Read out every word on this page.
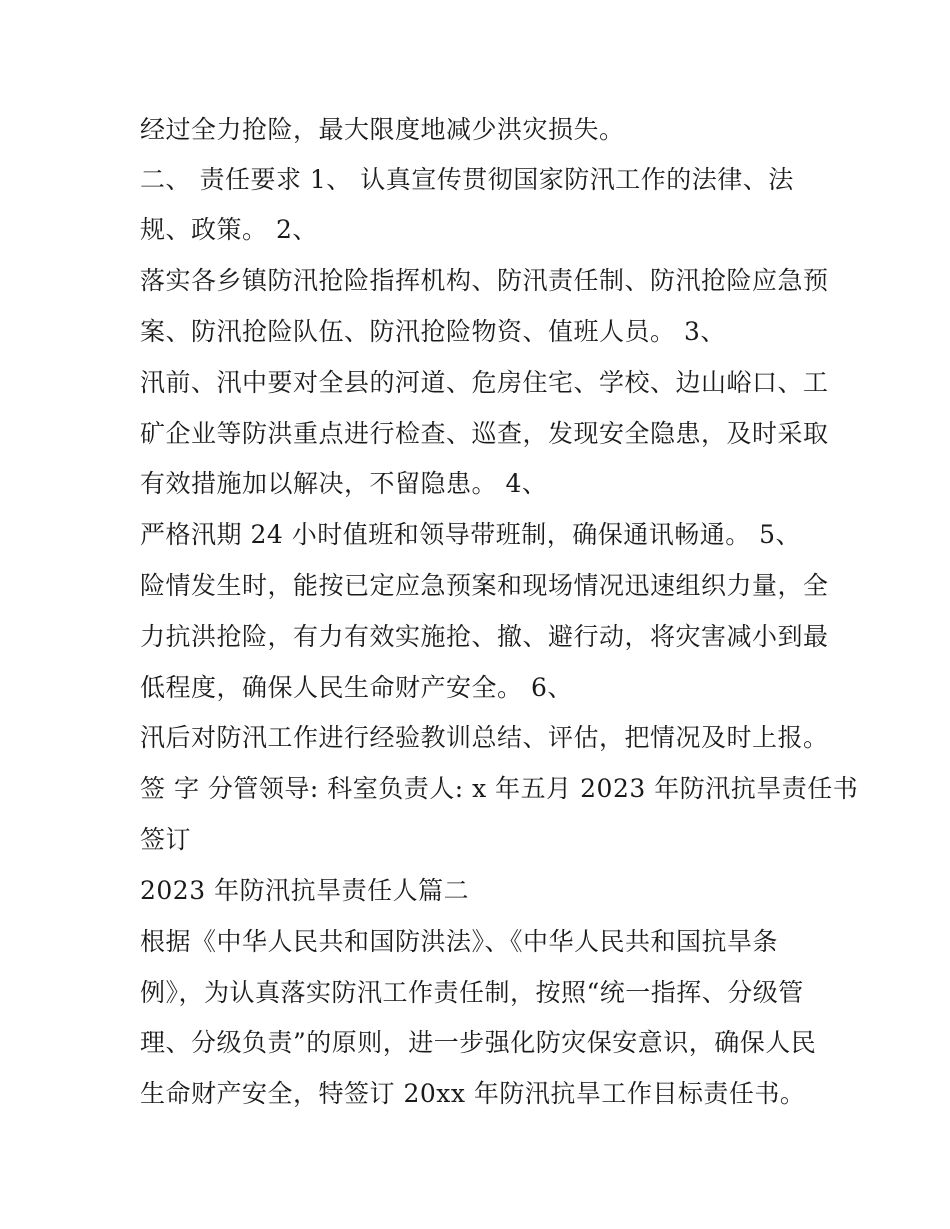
经过全力抢险，最大限度地减少洪灾损失。
二、 责任要求 1、 认真宣传贯彻国家防汛工作的法律、法
规、政策。 2、
落实各乡镇防汛抢险指挥机构、防汛责任制、防汛抢险应急预
案、防汛抢险队伍、防汛抢险物资、值班人员。 3、
汛前、汛中要对全县的河道、危房住宅、学校、边山峪口、工
矿企业等防洪重点进行检查、巡查，发现安全隐患，及时采取
有效措施加以解决，不留隐患。 4、
严格汛期 24 小时值班和领导带班制，确保通讯畅通。 5、
险情发生时，能按已定应急预案和现场情况迅速组织力量，全
力抗洪抢险，有力有效实施抢、撤、避行动，将灾害减小到最
低程度，确保人民生命财产安全。 6、
汛后对防汛工作进行经验教训总结、评估，把情况及时上报。
签 字 分管领导: 科室负责人: x 年五月 2023 年防汛抗旱责任书
签订
2023 年防汛抗旱责任人篇二
根据《中华人民共和国防洪法》、《中华人民共和国抗旱条
例》，为认真落实防汛工作责任制，按照“统一指挥、分级管
理、分级负责”的原则，进一步强化防灾保安意识，确保人民
生命财产安全，特签订 20xx 年防汛抗旱工作目标责任书。
